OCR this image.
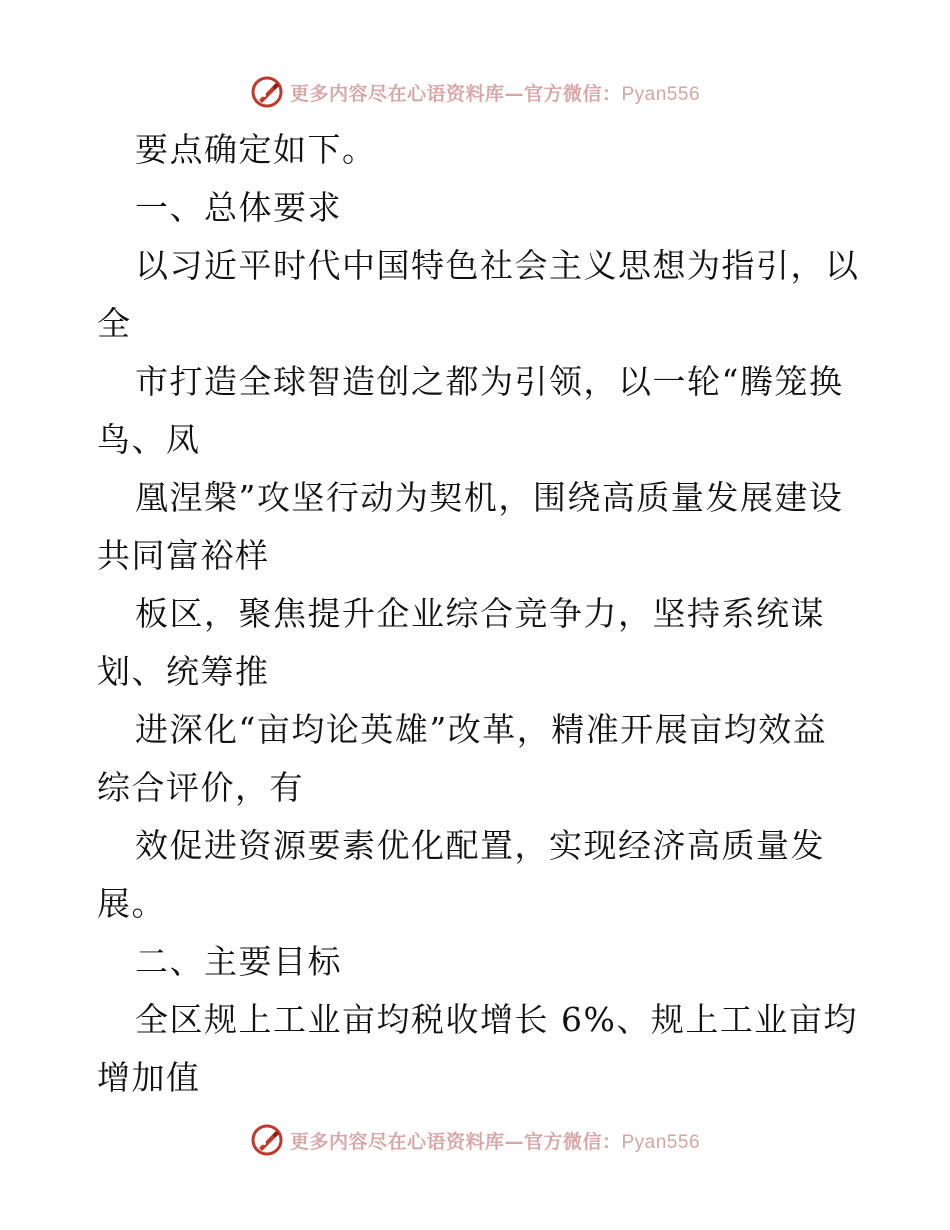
更多内容尽在心语资料库—官方微信：Pyan556
要点确定如下。
一、总体要求
以习近平时代中国特色社会主义思想为指引，以
全
市打造全球智造创之都为引领，以一轮“腾笼换
鸟、凤
凰涅槃”攻坚行动为契机，围绕高质量发展建设
共同富裕样
板区，聚焦提升企业综合竞争力，坚持系统谋
划、统筹推
进深化“亩均论英雄”改革，精准开展亩均效益
综合评价，有
效促进资源要素优化配置，实现经济高质量发
展。
二、主要目标
全区规上工业亩均税收增长 6%、规上工业亩均
增加值
更多内容尽在心语资料库—官方微信：Pyan556
